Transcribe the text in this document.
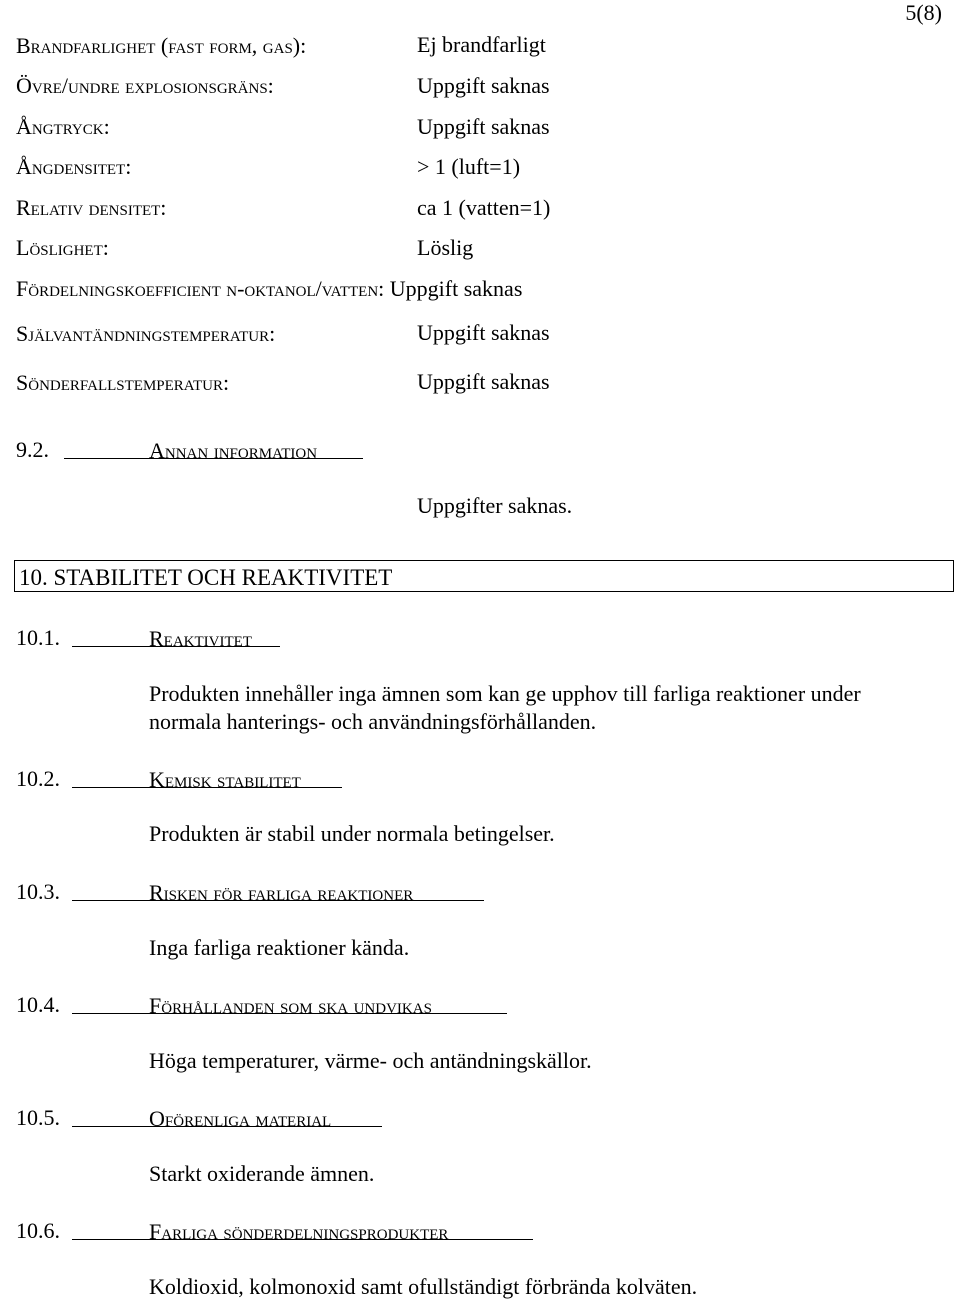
5(8)
Brandfarlighet (fast form, gas):	Ej brandfarligt
Övre/undre explosionsgräns:	Uppgift saknas
Ångtryck:	Uppgift saknas
Ångdensitet:	> 1 (luft=1)
Relativ densitet:	ca 1 (vatten=1)
Löslighet:	Löslig
Fördelningskoefficient n-oktanol/vatten: Uppgift saknas
Självantändningstemperatur:	Uppgift saknas
Sönderfallstemperatur:	Uppgift saknas
9.2.	Annan information
Uppgifter saknas.
10. STABILITET OCH REAKTIVITET
10.1.	Reaktivitet
Produkten innehåller inga ämnen som kan ge upphov till farliga reaktioner under
normala hanterings- och användningsförhållanden.
10.2.	Kemisk stabilitet
Produkten är stabil under normala betingelser.
10.3.	Risken för farliga reaktioner
Inga farliga reaktioner kända.
10.4.	Förhållanden som ska undvikas
Höga temperaturer, värme- och antändningskällor.
10.5.	Oförenliga material
Starkt oxiderande ämnen.
10.6.	Farliga sönderdelningsprodukter
Koldioxid, kolmonoxid samt ofullständigt förbrända kolväten.
